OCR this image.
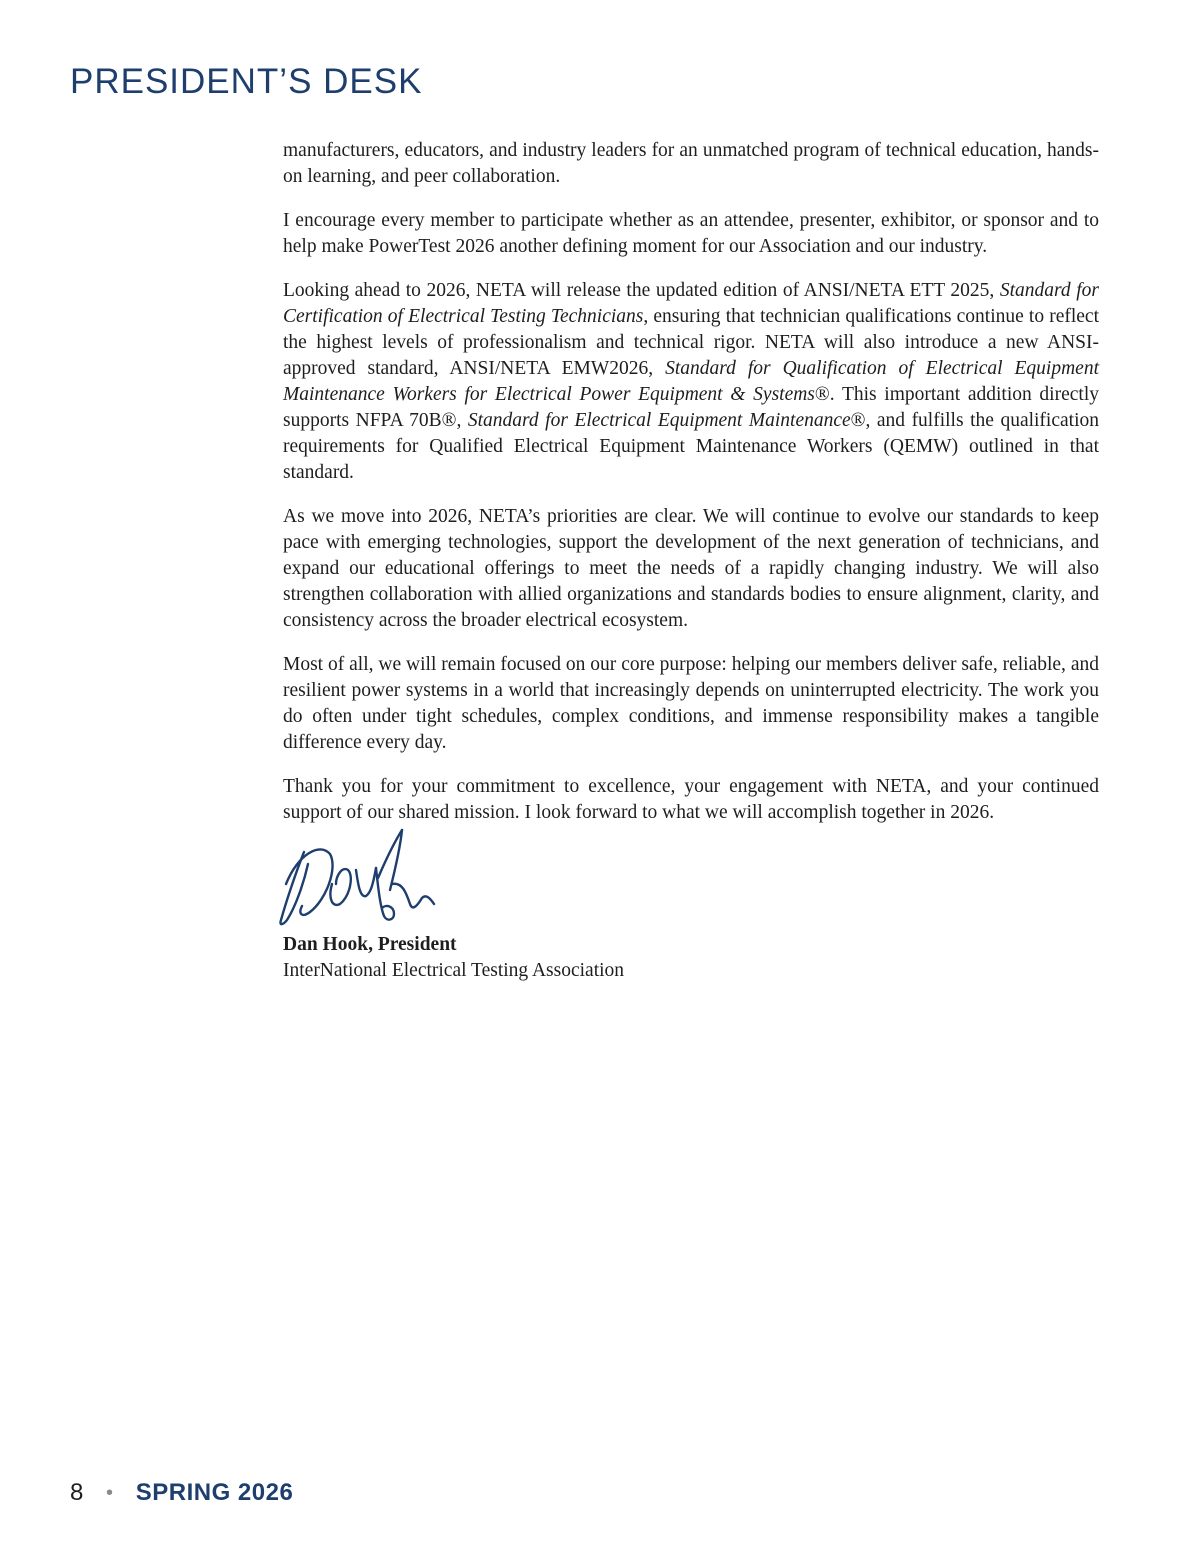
PRESIDENT’S DESK

manufacturers, educators, and industry leaders for an unmatched program of technical education, hands-on learning, and peer collaboration.

I encourage every member to participate whether as an attendee, presenter, exhibitor, or sponsor and to help make PowerTest 2026 another defining moment for our Association and our industry.

Looking ahead to 2026, NETA will release the updated edition of ANSI/NETA ETT 2025, Standard for Certification of Electrical Testing Technicians, ensuring that technician qualifications continue to reflect the highest levels of professionalism and technical rigor. NETA will also introduce a new ANSI-approved standard, ANSI/NETA EMW2026, Standard for Qualification of Electrical Equipment Maintenance Workers for Electrical Power Equipment & Systems®. This important addition directly supports NFPA 70B®, Standard for Electrical Equipment Maintenance®, and fulfills the qualification requirements for Qualified Electrical Equipment Maintenance Workers (QEMW) outlined in that standard.

As we move into 2026, NETA’s priorities are clear. We will continue to evolve our standards to keep pace with emerging technologies, support the development of the next generation of technicians, and expand our educational offerings to meet the needs of a rapidly changing industry. We will also strengthen collaboration with allied organizations and standards bodies to ensure alignment, clarity, and consistency across the broader electrical ecosystem.

Most of all, we will remain focused on our core purpose: helping our members deliver safe, reliable, and resilient power systems in a world that increasingly depends on uninterrupted electricity. The work you do often under tight schedules, complex conditions, and immense responsibility makes a tangible difference every day.

Thank you for your commitment to excellence, your engagement with NETA, and your continued support of our shared mission. I look forward to what we will accomplish together in 2026.

Dan Hook, President
InterNational Electrical Testing Association
8 • SPRING 2026
